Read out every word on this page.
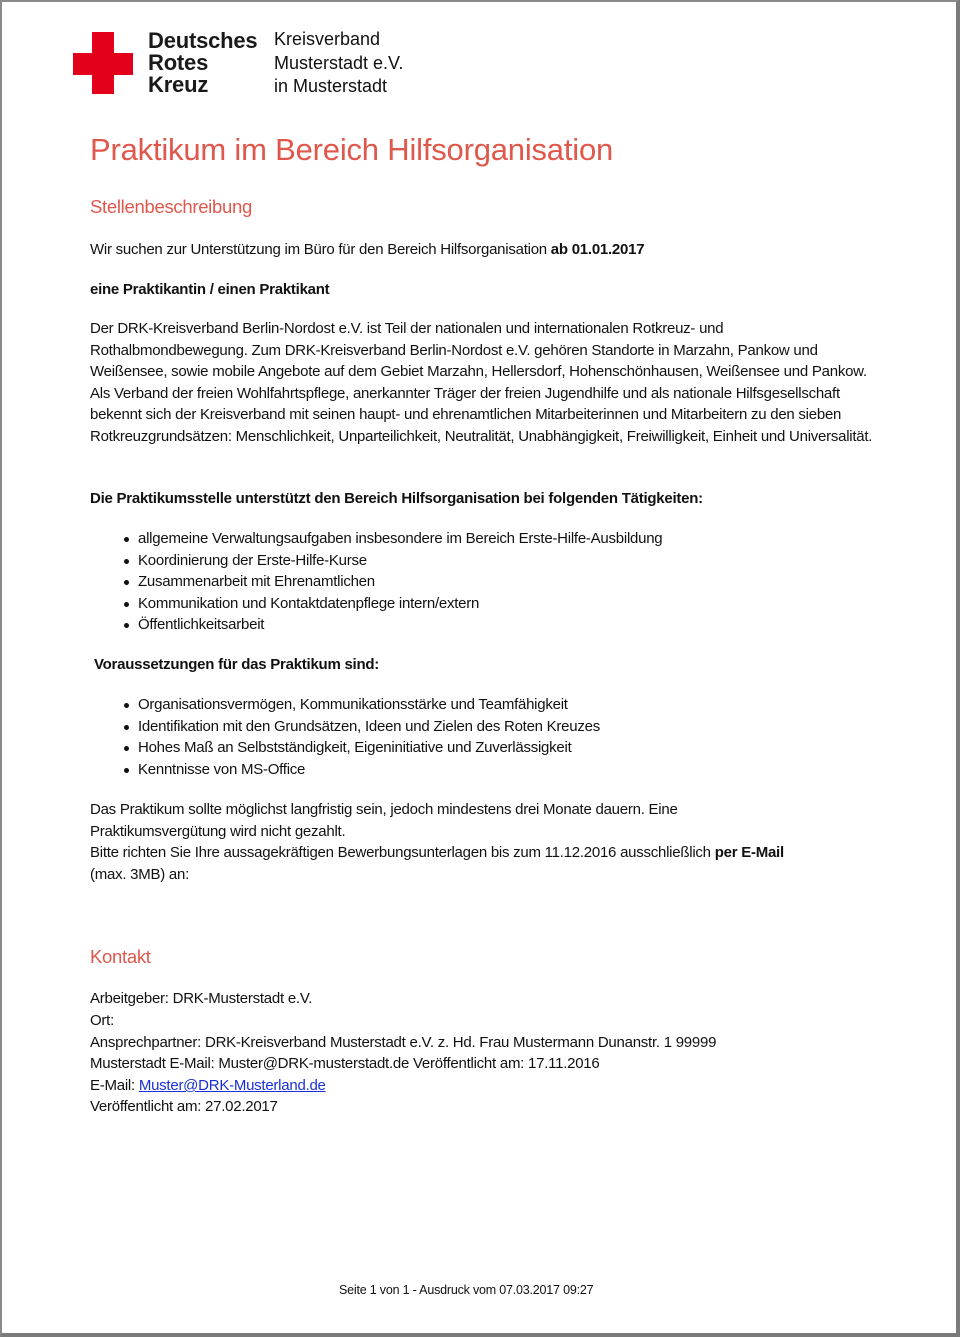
Deutsches
Rotes
Kreuz
Kreisverband
Musterstadt e.V.
in Musterstadt
Praktikum im Bereich Hilfsorganisation
Stellenbeschreibung

Wir suchen zur Unterstützung im Büro für den Bereich Hilfsorganisation ab 01.01.2017

eine Praktikantin / einen Praktikant

Der DRK-Kreisverband Berlin-Nordost e.V. ist Teil der nationalen und internationalen Rotkreuz- und Rothalbmondbewegung. Zum DRK-Kreisverband Berlin-Nordost e.V. gehören Standorte in Marzahn, Pankow und Weißensee, sowie mobile Angebote auf dem Gebiet Marzahn, Hellersdorf, Hohenschönhausen, Weißensee und Pankow. Als Verband der freien Wohlfahrtspflege, anerkannter Träger der freien Jugendhilfe und als nationale Hilfsgesellschaft bekennt sich der Kreisverband mit seinen haupt- und ehrenamtlichen Mitarbeiterinnen und Mitarbeitern zu den sieben Rotkreuzgrundsätzen: Menschlichkeit, Unparteilichkeit, Neutralität, Unabhängigkeit, Freiwilligkeit, Einheit und Universalität.

Die Praktikumsstelle unterstützt den Bereich Hilfsorganisation bei folgenden Tätigkeiten:

allgemeine Verwaltungsaufgaben insbesondere im Bereich Erste-Hilfe-Ausbildung
Koordinierung der Erste-Hilfe-Kurse
Zusammenarbeit mit Ehrenamtlichen
Kommunikation und Kontaktdatenpflege intern/extern
Öffentlichkeitsarbeit

Voraussetzungen für das Praktikum sind:

Organisationsvermögen, Kommunikationsstärke und Teamfähigkeit
Identifikation mit den Grundsätzen, Ideen und Zielen des Roten Kreuzes
Hohes Maß an Selbstständigkeit, Eigeninitiative und Zuverlässigkeit
Kenntnisse von MS-Office

Das Praktikum sollte möglichst langfristig sein, jedoch mindestens drei Monate dauern. Eine Praktikumsvergütung wird nicht gezahlt.

Bitte richten Sie Ihre aussagekräftigen Bewerbungsunterlagen bis zum 11.12.2016 ausschließlich per E-Mail

(max. 3MB) an:

Kontakt

Arbeitgeber: DRK-Musterstadt e.V.

Ort:

Ansprechpartner: DRK-Kreisverband Musterstadt e.V. z. Hd. Frau Mustermann Dunanstr. 1 99999

Musterstadt E-Mail: Muster@DRK-musterstadt.de Veröffentlicht am: 17.11.2016

E-Mail: Muster@DRK-Musterland.de

Veröffentlicht am: 27.02.2017

Seite 1 von 1 - Ausdruck vom 07.03.2017 09:27
